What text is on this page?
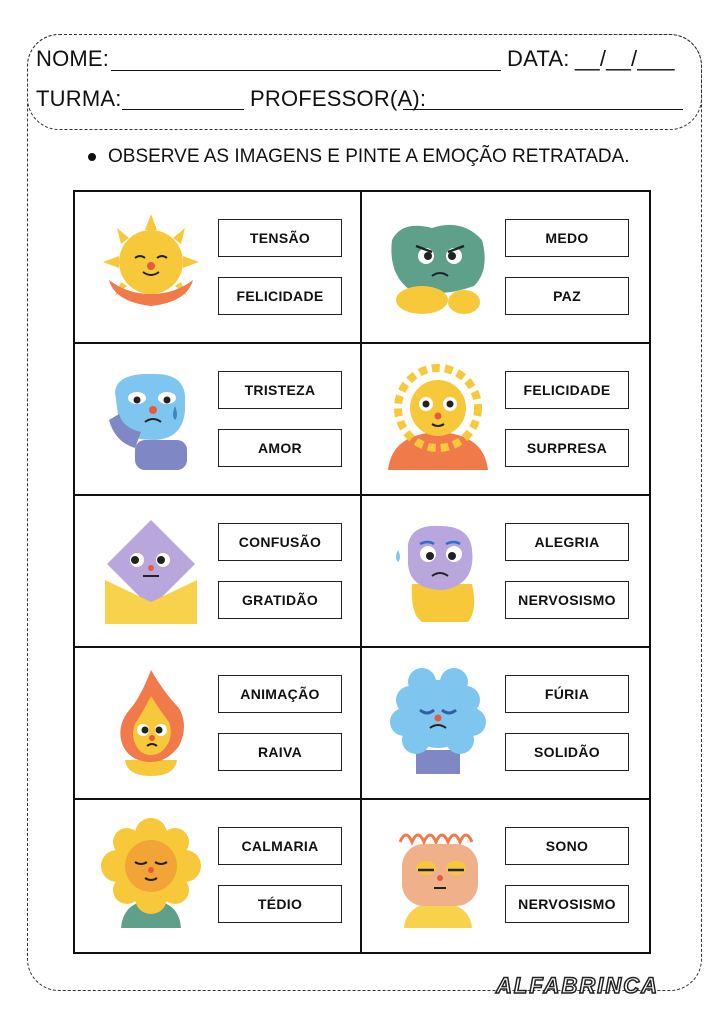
NOME:	DATA: __/__/___
TURMA:	PROFESSOR(A):
OBSERVE AS IMAGENS E PINTE A EMOÇÃO RETRATADA.
TENSÃO
FELICIDADE
MEDO
PAZ
TRISTEZA
AMOR
FELICIDADE
SURPRESA
CONFUSÃO
GRATIDÃO
ALEGRIA
NERVOSISMO
ANIMAÇÃO
RAIVA
FÚRIA
SOLIDÃO
CALMARIA
TÉDIO
SONO
NERVOSISMO
ALFABRINCA
